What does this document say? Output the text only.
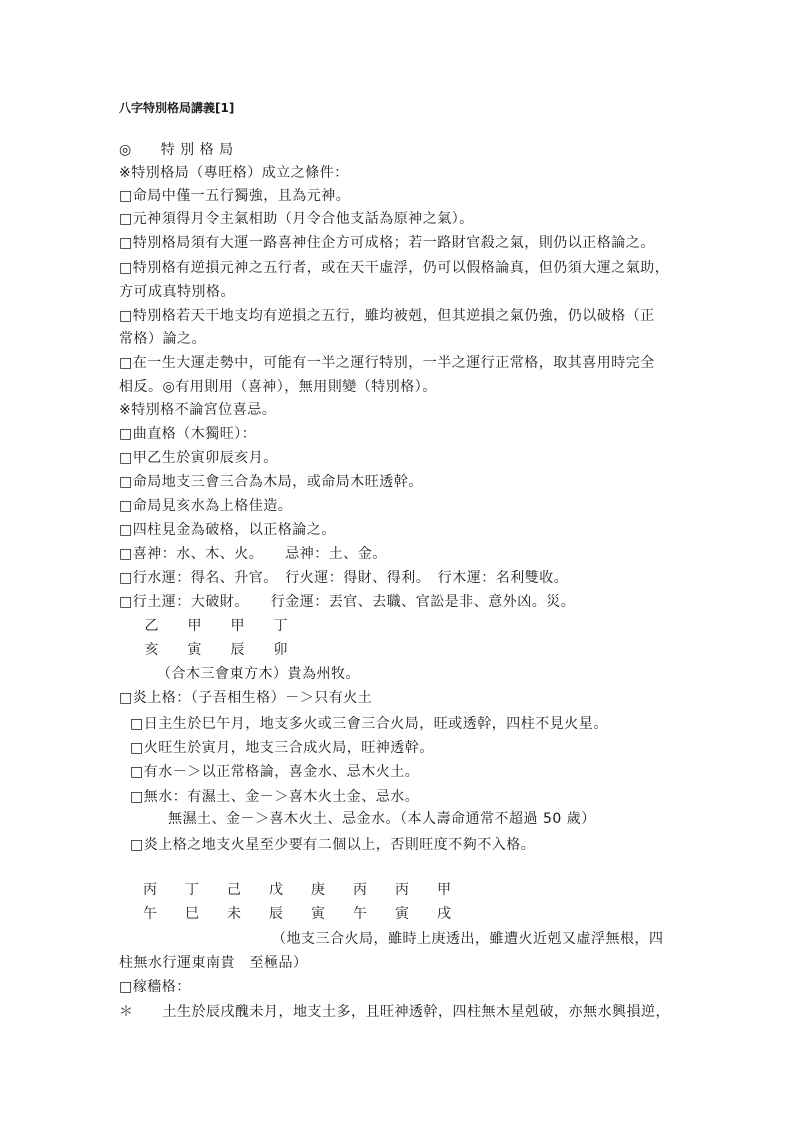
八字特別格局講義[1]
◎　　特 別 格 局
※特別格局（專旺格）成立之條件：
□命局中僅一五行獨強，且為元神。
□元神須得月令主氣相助（月令合他支話為原神之氣）。
□特別格局須有大運一路喜神住企方可成格；若一路財官殺之氣，則仍以正格論之。
□特別格有逆損元神之五行者，或在天干虛浮，仍可以假格論真，但仍須大運之氣助，
方可成真特別格。
□特別格若天干地支均有逆損之五行，雖均被剋，但其逆損之氣仍強，仍以破格（正
常格）論之。
□在一生大運走勢中，可能有一半之運行特別，一半之運行正常格，取其喜用時完全
相反。◎有用則用（喜神），無用則變（特別格）。
※特別格不論宮位喜忌。
□曲直格（木獨旺）：
□甲乙生於寅卯辰亥月。
□命局地支三會三合為木局，或命局木旺透幹。
□命局見亥水為上格佳造。
□四柱見金為破格，以正格論之。
□喜神：水、木、火。　　忌神：土、金。
□行水運：得名、升官。　行火運：得財、得利。　行木運：名利雙收。
□行土運：大破財。　　行金運：丟官、去職、官訟是非、意外凶。災。
乙 甲 甲 丁
亥 寅 辰 卯
（合木三會東方木）貴為州牧。
□炎上格：（子吾相生格）－＞只有火土
□日主生於巳午月，地支多火或三會三合火局，旺或透幹，四柱不見火星。
□火旺生於寅月，地支三合成火局，旺神透幹。
□有水－＞以正常格論，喜金水、忌木火土。
□無水：有濕土、金－＞喜木火土金、忌水。
無濕土、金－＞喜木火土、忌金水。（本人壽命通常不超過 50 歲）
□炎上格之地支火星至少要有二個以上，否則旺度不夠不入格。
丙 丁 己 戊 庚 丙 丙 甲
午 巳 未 辰 寅 午 寅 戌
（地支三合火局，雖時上庚透出，雖遭火近剋又虛浮無根，四
柱無水行運東南貴　至極品）
□稼穡格：
＊　　土生於辰戌醜未月，地支土多，且旺神透幹，四柱無木星剋破，亦無水興損逆，
